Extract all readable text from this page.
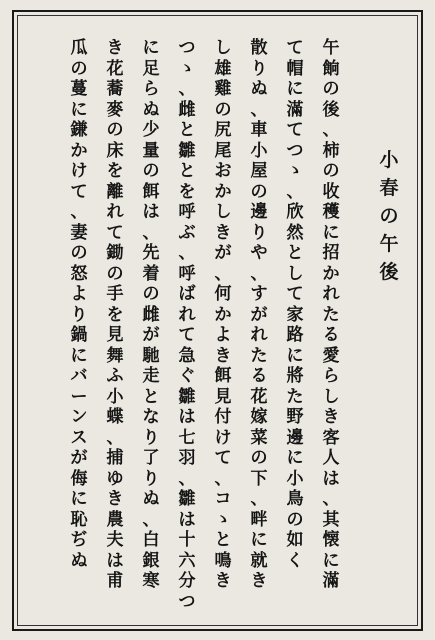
小
春
の
午
後
午
餉
の
後
、
柿
の
收
穫
に
招
か
れ
た
る
愛
ら
し
き
客
人
は
、
其
懐
に
滿
て
帽
に
滿
て
つ
ゝ
、
欣
然
と
し
て
家
路
に
將
た
野
邊
に
小
鳥
の
如
く
散
り
ぬ
、
車
小
屋
の
邊
り
や
、
す
が
れ
た
る
花
嫁
菜
の
下
、
畔
に
就
き
し
雄
雞
の
尻
尾
お
か
し
き
が
、
何
か
よ
き
餌
見
付
け
て
、
コ
ゝ
と
鳴
き
つ
ゝ
、
雌
と
雛
と
を
呼
ぶ
、
呼
ば
れ
て
急
ぐ
雛
は
七
羽
、
雛
は
十
六
分
つ
に
足
ら
ぬ
少
量
の
餌
は
、
先
着
の
雌
が
馳
走
と
な
り
了
り
ぬ
、
白
銀
寒
き
花
蕎
麥
の
床
を
離
れ
て
鋤
の
手
を
見
舞
ふ
小
蝶
、
捕
ゆ
き
農
夫
は
甫
瓜
の
蔓
に
鎌
か
け
て
、
妻
の
怒
よ
り
鍋
に
バ
ー
ン
ス
が
侮
に
恥
ぢ
ぬ
